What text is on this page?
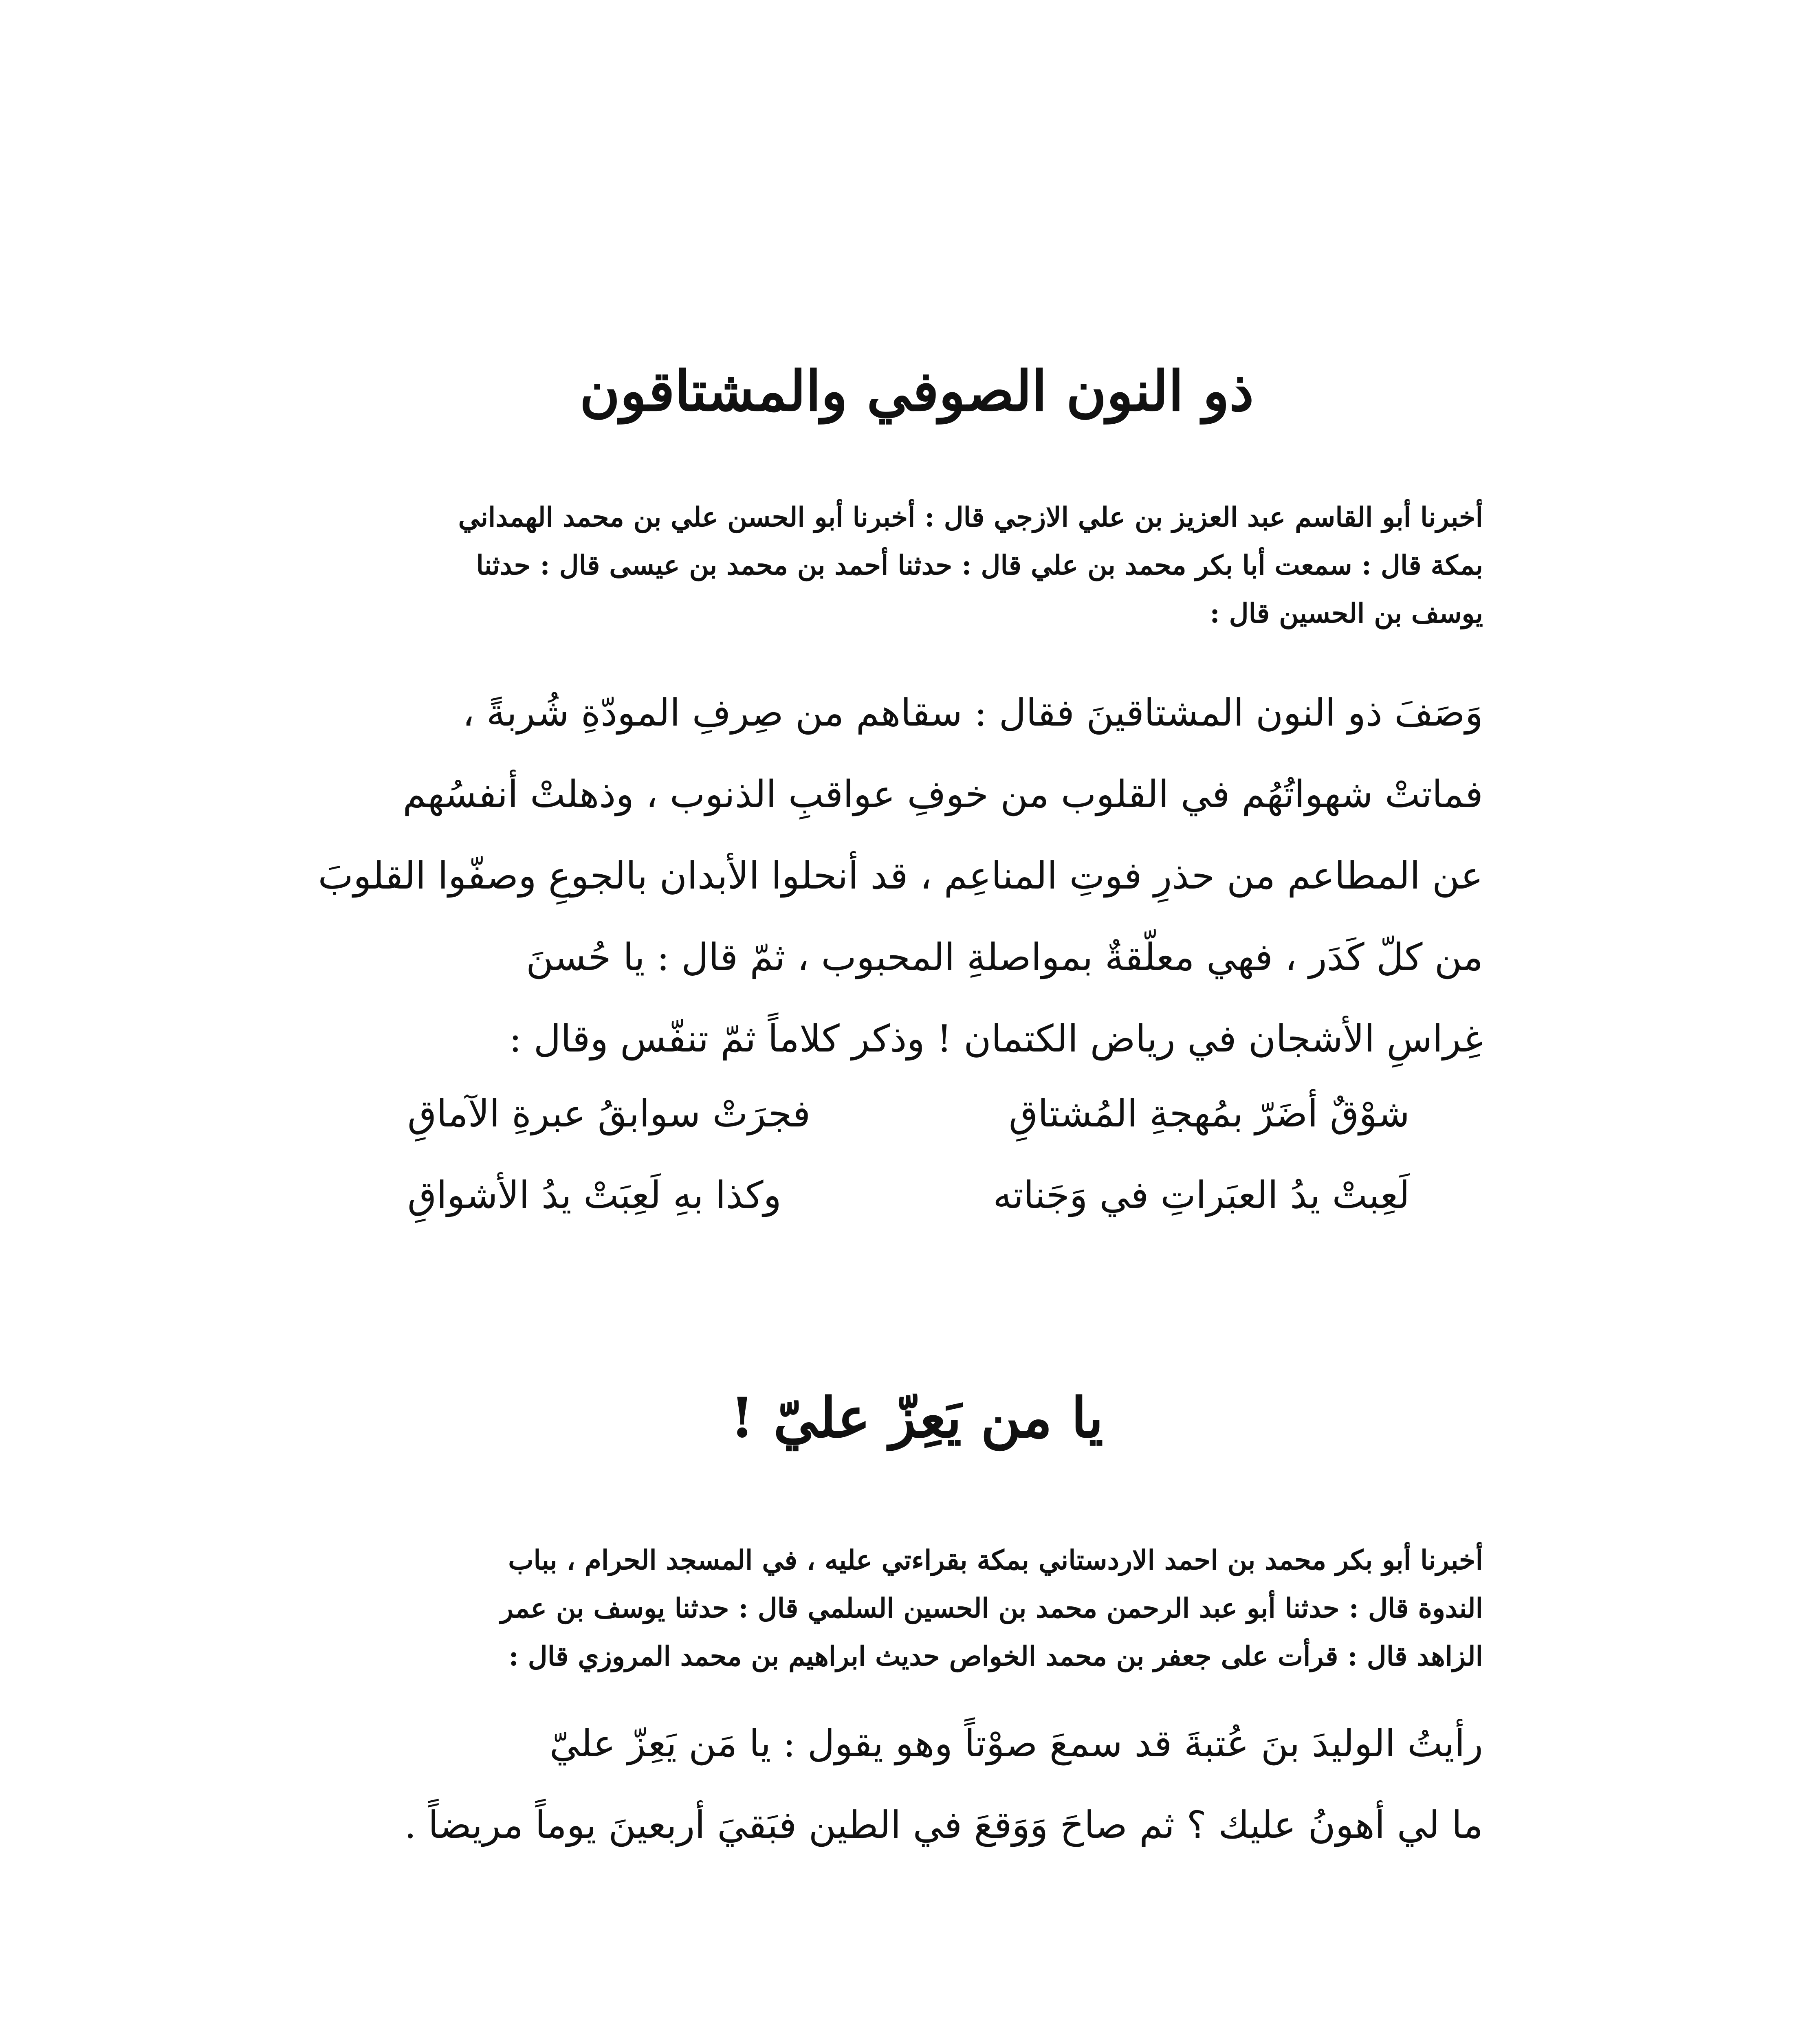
ذو النون الصوفي والمشتاقون
أخبرنا أبو القاسم عبد العزيز بن علي الازجي قال : أخبرنا أبو الحسن علي بن محمد الهمداني
بمكة قال : سمعت أبا بكر محمد بن علي قال : حدثنا أحمد بن محمد بن عيسى قال : حدثنا
يوسف بن الحسين قال :
وَصَفَ ذو النون المشتاقينَ فقال : سقاهم من صِرفِ المودّةِ شُربةً ،
فماتتْ شهواتُهُم في القلوب من خوفِ عواقبِ الذنوب ، وذهلتْ أنفسُهم
عن المطاعم من حذرِ فوتِ المناعِم ، قد أنحلوا الأبدان بالجوعِ وصفّوا القلوبَ
من كلّ كَدَر ، فهي معلّقةٌ بمواصلةِ المحبوب ، ثمّ قال : يا حُسنَ
غِراسِ الأشجان في رياض الكتمان ! وذكر كلاماً ثمّ تنفّس وقال :
شوْقٌ أضَرّ بمُهجةِ المُشتاقِ
فجرَتْ سوابقُ عبرةِ الآماقِ
لَعِبتْ يدُ العبَراتِ في وَجَناته
وكذا بهِ لَعِبَتْ يدُ الأشواقِ
يا من يَعِزّ عليّ !
أخبرنا أبو بكر محمد بن احمد الاردستاني بمكة بقراءتي عليه ، في المسجد الحرام ، بباب
الندوة قال : حدثنا أبو عبد الرحمن محمد بن الحسين السلمي قال : حدثنا يوسف بن عمر
الزاهد قال : قرأت على جعفر بن محمد الخواص حديث ابراهيم بن محمد المروزي قال :
رأيتُ الوليدَ بنَ عُتبةَ قد سمعَ صوْتاً وهو يقول : يا مَن يَعِزّ عليّ
ما لي أهونُ عليك ؟ ثم صاحَ وَوَقعَ في الطين فبَقيَ أربعينَ يوماً مريضاً .
